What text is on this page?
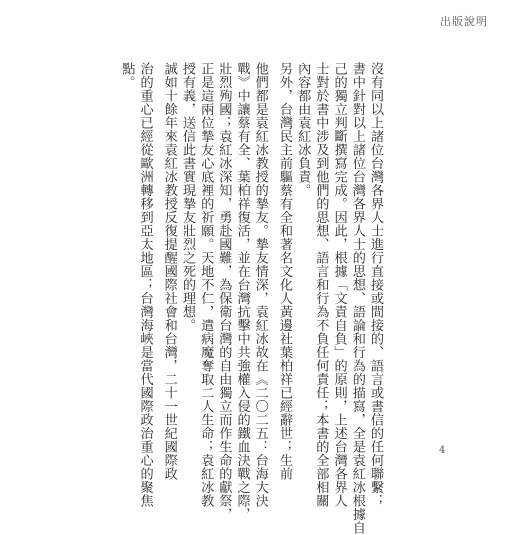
出版說明
沒有同以上諸位台灣各界人士進行直接或間接的、語言或書信的任何聯繫；
書中針對以上諸位台灣各界人士的思想、語論和行為的描寫，全是袁紅冰根據自
己的獨立判斷撰寫完成。因此，根據「文責自負」的原則，上述台灣各界人
士對於書中涉及到他們的思想、語言和行為不負任何責任；本書的全部相關
內容都由袁紅冰負責。
另外，台灣民主前驅蔡有全和著名文化人黃邊社葉柏祥已經辭世；生前
他們都是袁紅冰教授的摯友。摯友情深，袁紅冰故在《二〇二五：台海大決
戰》中讓蔡有全、葉柏祥復活，並在台灣抗擊中共強權入侵的鐵血決戰之際，
壯烈殉國；袁紅冰深知，勇赴國難，為保衛台灣的自由獨立而作生命的獻祭，
正是這兩位摯友心底裡的祈願。天地不仁，遣病魔奪取二人生命；袁紅冰教
授有義，送信此書實現摯友壯烈之死的理想。
誠如十餘年來袁紅冰教授反復提醒國際社會和台灣，二十一世紀國際政
治的重心已經從歐洲轉移到亞太地區；台灣海峽是當代國際政治重心的聚焦
點。
4
